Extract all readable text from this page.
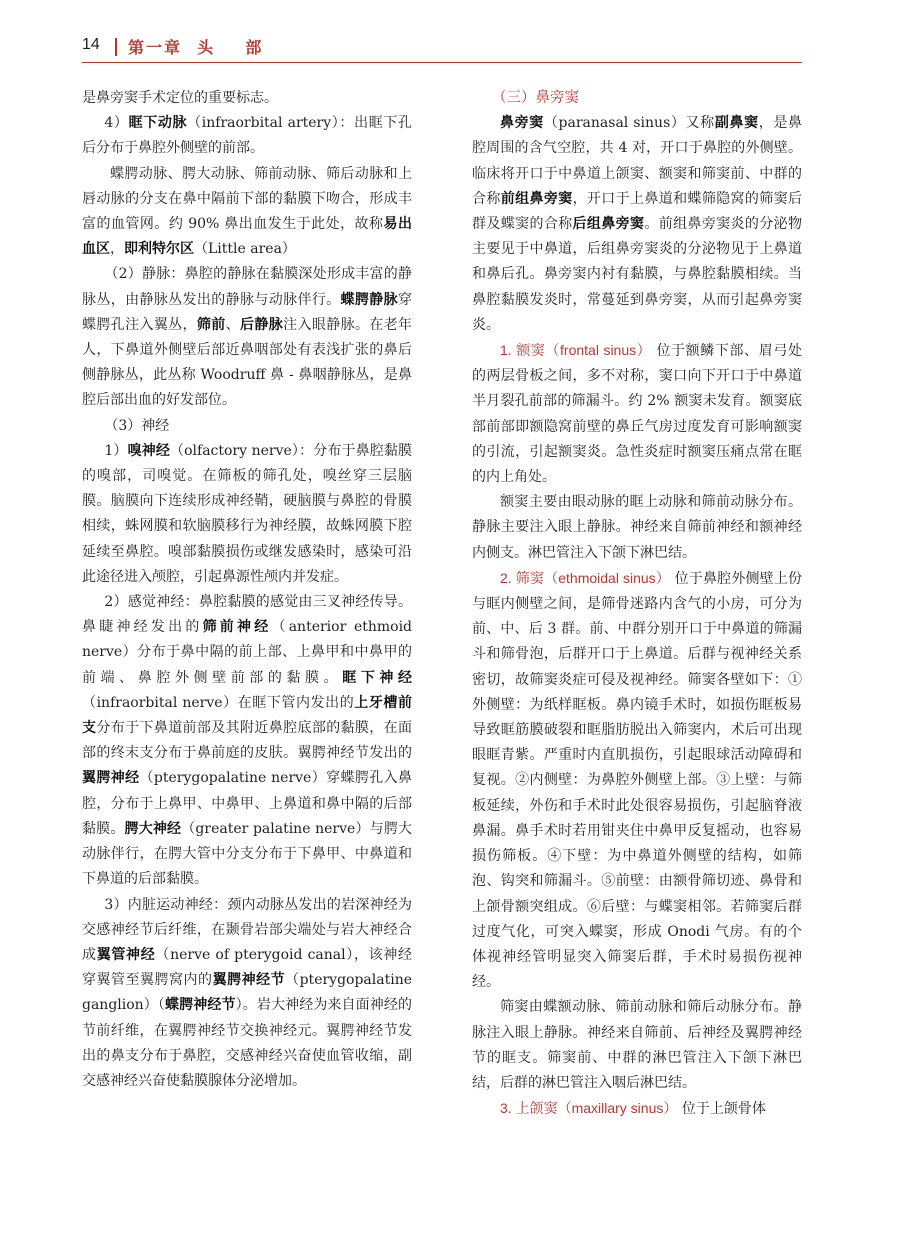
14 第一章  头    部

是鼻旁窦手术定位的重要标志。

4）眶下动脉（infraorbital artery）：出眶下孔后分布于鼻腔外侧壁的前部。

蝶腭动脉、腭大动脉、筛前动脉、筛后动脉和上唇动脉的分支在鼻中隔前下部的黏膜下吻合，形成丰富的血管网。约 90% 鼻出血发生于此处，故称易出血区，即利特尔区（Little area）

（2）静脉：鼻腔的静脉在黏膜深处形成丰富的静脉丛，由静脉丛发出的静脉与动脉伴行。蝶腭静脉穿蝶腭孔注入翼丛，筛前、后静脉注入眼静脉。在老年人，下鼻道外侧壁后部近鼻咽部处有表浅扩张的鼻后侧静脉丛，此丛称 Woodruff 鼻 - 鼻咽静脉丛，是鼻腔后部出血的好发部位。

（3）神经

1）嗅神经（olfactory nerve）：分布于鼻腔黏膜的嗅部，司嗅觉。在筛板的筛孔处，嗅丝穿三层脑膜。脑膜向下连续形成神经鞘，硬脑膜与鼻腔的骨膜相续，蛛网膜和软脑膜移行为神经膜，故蛛网膜下腔延续至鼻腔。嗅部黏膜损伤或继发感染时，感染可沿此途径进入颅腔，引起鼻源性颅内并发症。

2）感觉神经：鼻腔黏膜的感觉由三叉神经传导。鼻睫神经发出的筛前神经（anterior ethmoid nerve）分布于鼻中隔的前上部、上鼻甲和中鼻甲的前端、鼻腔外侧壁前部的黏膜。眶下神经（infraorbital nerve）在眶下管内发出的上牙槽前支分布于下鼻道前部及其附近鼻腔底部的黏膜，在面部的终末支分布于鼻前庭的皮肤。翼腭神经节发出的翼腭神经（pterygopalatine nerve）穿蝶腭孔入鼻腔，分布于上鼻甲、中鼻甲、上鼻道和鼻中隔的后部黏膜。腭大神经（greater palatine nerve）与腭大动脉伴行，在腭大管中分支分布于下鼻甲、中鼻道和下鼻道的后部黏膜。

3）内脏运动神经：颈内动脉丛发出的岩深神经为交感神经节后纤维，在颞骨岩部尖端处与岩大神经合成翼管神经（nerve of pterygoid canal），该神经穿翼管至翼腭窝内的翼腭神经节（pterygopalatine ganglion）（蝶腭神经节）。岩大神经为来自面神经的节前纤维，在翼腭神经节交换神经元。翼腭神经节发出的鼻支分布于鼻腔，交感神经兴奋使血管收缩，副交感神经兴奋使黏膜腺体分泌增加。

（三）鼻旁窦

鼻旁窦（paranasal sinus）又称副鼻窦，是鼻腔周围的含气空腔，共 4 对，开口于鼻腔的外侧壁。临床将开口于中鼻道上颌窦、额窦和筛窦前、中群的合称前组鼻旁窦，开口于上鼻道和蝶筛隐窝的筛窦后群及蝶窦的合称后组鼻旁窦。前组鼻旁窦炎的分泌物主要见于中鼻道，后组鼻旁窦炎的分泌物见于上鼻道和鼻后孔。鼻旁窦内衬有黏膜，与鼻腔黏膜相续。当鼻腔黏膜发炎时，常蔓延到鼻旁窦，从而引起鼻旁窦炎。

1. 额窦（frontal sinus） 位于额鳞下部、眉弓处的两层骨板之间，多不对称，窦口向下开口于中鼻道半月裂孔前部的筛漏斗。约 2% 额窦未发育。额窦底部前部即额隐窝前壁的鼻丘气房过度发育可影响额窦的引流，引起额窦炎。急性炎症时额窦压痛点常在眶的内上角处。

额窦主要由眼动脉的眶上动脉和筛前动脉分布。静脉主要注入眼上静脉。神经来自筛前神经和额神经内侧支。淋巴管注入下颌下淋巴结。

2. 筛窦（ethmoidal sinus） 位于鼻腔外侧壁上份与眶内侧壁之间，是筛骨迷路内含气的小房，可分为前、中、后 3 群。前、中群分别开口于中鼻道的筛漏斗和筛骨泡，后群开口于上鼻道。后群与视神经关系密切，故筛窦炎症可侵及视神经。筛窦各壁如下：①外侧壁：为纸样眶板。鼻内镜手术时，如损伤眶板易导致眶筋膜破裂和眶脂肪脱出入筛窦内，术后可出现眼眶青紫。严重时内直肌损伤，引起眼球活动障碍和复视。②内侧壁：为鼻腔外侧壁上部。③上壁：与筛板延续，外伤和手术时此处很容易损伤，引起脑脊液鼻漏。鼻手术时若用钳夹住中鼻甲反复摇动，也容易损伤筛板。④下壁：为中鼻道外侧壁的结构，如筛泡、钩突和筛漏斗。⑤前壁：由额骨筛切迹、鼻骨和上颌骨额突组成。⑥后壁：与蝶窦相邻。若筛窦后群过度气化，可突入蝶窦，形成 Onodi 气房。有的个体视神经管明显突入筛窦后群，手术时易损伤视神经。

筛窦由蝶额动脉、筛前动脉和筛后动脉分布。静脉注入眼上静脉。神经来自筛前、后神经及翼腭神经节的眶支。筛窦前、中群的淋巴管注入下颌下淋巴结，后群的淋巴管注入咽后淋巴结。

3. 上颌窦（maxillary sinus） 位于上颌骨体
